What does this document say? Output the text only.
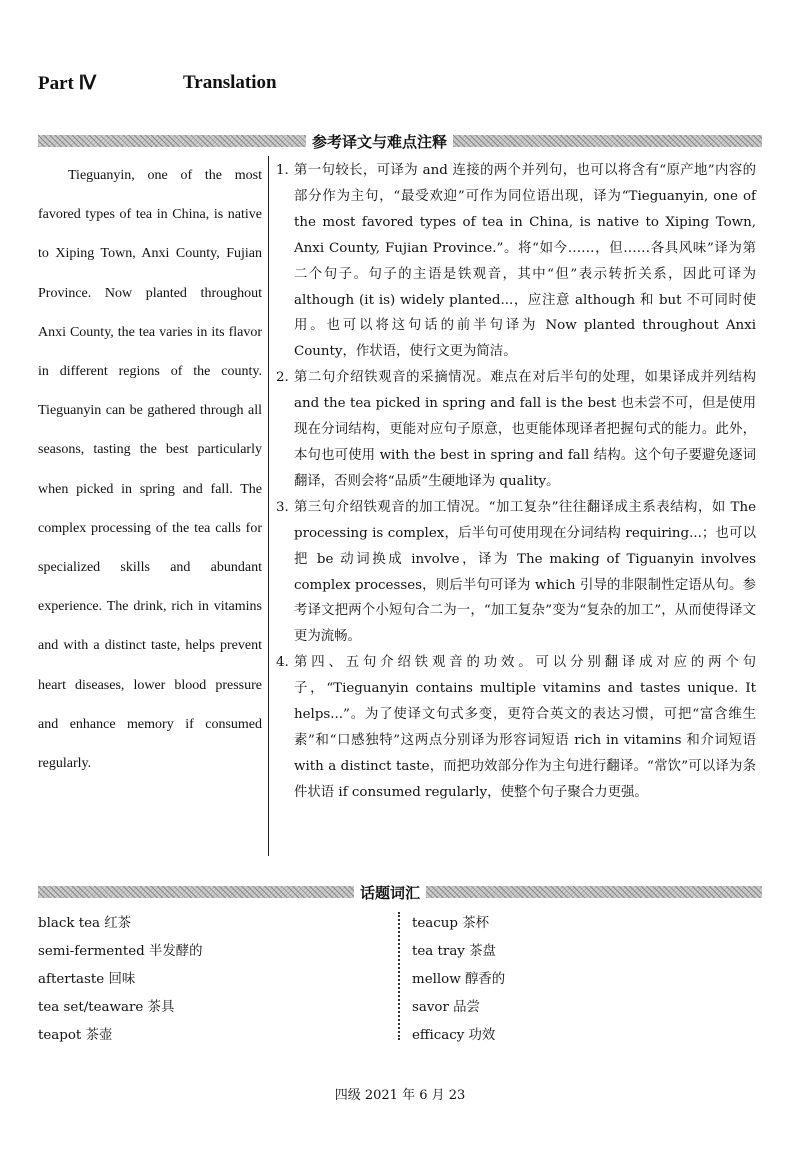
Part Ⅳ	Translation
参考译文与难点注释

Tieguanyin, one of the most favored types of tea in China, is native to Xiping Town, Anxi County, Fujian Province. Now planted throughout Anxi County, the tea varies in its flavor in different regions of the county. Tieguanyin can be gathered through all seasons, tasting the best particularly when picked in spring and fall. The complex processing of the tea calls for specialized skills and abundant experience. The drink, rich in vitamins and with a distinct taste, helps prevent heart diseases, lower blood pressure and enhance memory if consumed regularly.

1. 第一句较长，可译为 and 连接的两个并列句，也可以将含有“原产地”内容的部分作为主句，“最受欢迎”可作为同位语出现，译为“Tieguanyin, one of the most favored types of tea in China, is native to Xiping Town, Anxi County, Fujian Province.”。将“如今……，但……各具风味”译为第二个句子。句子的主语是铁观音，其中“但”表示转折关系，因此可译为 although (it is) widely planted...，应注意 although 和 but 不可同时使用。也可以将这句话的前半句译为 Now planted throughout Anxi County，作状语，使行文更为简洁。
2. 第二句介绍铁观音的采摘情况。难点在对后半句的处理，如果译成并列结构 and the tea picked in spring and fall is the best 也未尝不可，但是使用现在分词结构，更能对应句子原意，也更能体现译者把握句式的能力。此外，本句也可使用 with the best in spring and fall 结构。这个句子要避免逐词翻译，否则会将“品质”生硬地译为 quality。
3. 第三句介绍铁观音的加工情况。“加工复杂”往往翻译成主系表结构，如 The processing is complex，后半句可使用现在分词结构 requiring...；也可以把 be 动词换成 involve，译为 The making of Tiguanyin involves complex processes，则后半句可译为 which 引导的非限制性定语从句。参考译文把两个小短句合二为一，“加工复杂”变为“复杂的加工”，从而使得译文更为流畅。
4. 第四、五句介绍铁观音的功效。可以分别翻译成对应的两个句子，“Tieguanyin contains multiple vitamins and tastes unique. It helps...”。为了使译文句式多变，更符合英文的表达习惯，可把“富含维生素”和“口感独特”这两点分别译为形容词短语 rich in vitamins 和介词短语 with a distinct taste，而把功效部分作为主句进行翻译。“常饮”可以译为条件状语 if consumed regularly，使整个句子聚合力更强。
话题词汇
black tea 红茶
semi-fermented 半发酵的
aftertaste 回味
tea set/teaware 茶具
teapot 茶壶
teacup 茶杯
tea tray 茶盘
mellow 醇香的
savor 品尝
efficacy 功效
四级 2021 年 6 月 23
